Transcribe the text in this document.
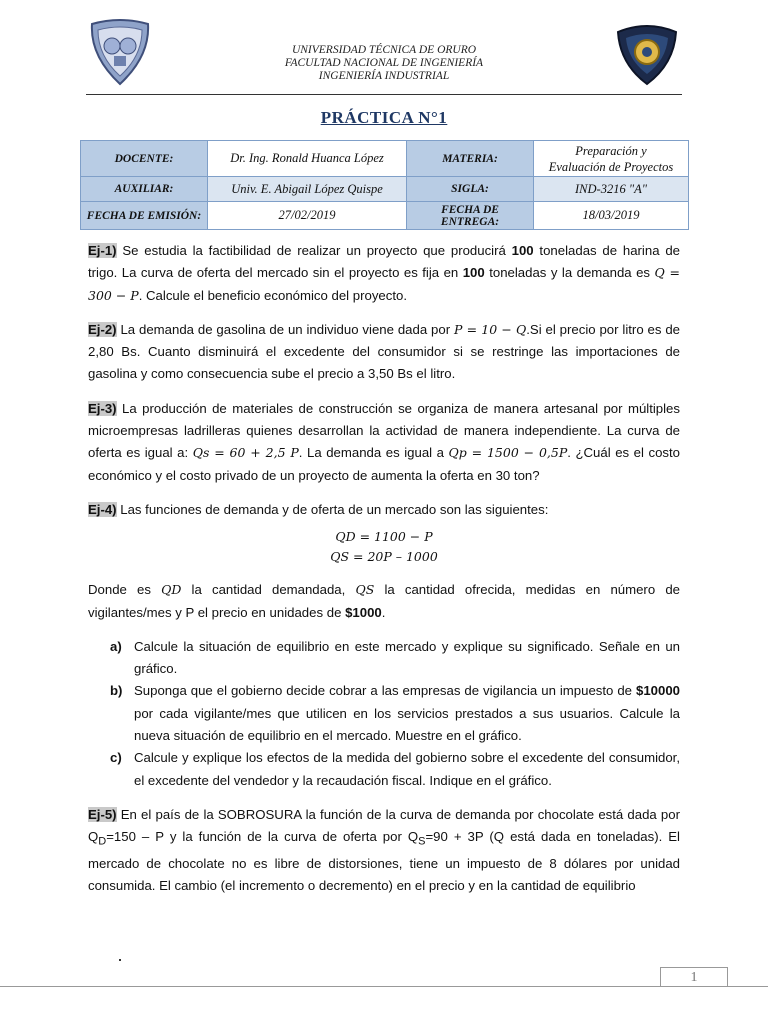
UNIVERSIDAD TÉCNICA DE ORURO
FACULTAD NACIONAL DE INGENIERÍA
INGENIERÍA INDUSTRIAL
PRÁCTICA N°1
DOCENTE:	Dr. Ing. Ronald Huanca López	MATERIA:	Preparación y
Evaluación de Proyectos

AUXILIAR:	Univ. E. Abigail López Quispe	SIGLA:	IND-3216 "A"
FECHA DE EMISIÓN:	27/02/2019	FECHA DE ENTREGA:	18/03/2019

Ej-1) Se estudia la factibilidad de realizar un proyecto que producirá 100 toneladas de harina de trigo. La curva de oferta del mercado sin el proyecto es fija en 100 toneladas y la demanda es Q = 300 − P. Calcule el beneficio económico del proyecto.

Ej-2) La demanda de gasolina de un individuo viene dada por P = 10 − Q.Si el precio por litro es de 2,80 Bs. Cuanto disminuirá el excedente del consumidor si se restringe las importaciones de gasolina y como consecuencia sube el precio a 3,50 Bs el litro.

Ej-3) La producción de materiales de construcción se organiza de manera artesanal por múltiples microempresas ladrilleras quienes desarrollan la actividad de manera independiente. La curva de oferta es igual a: Qs = 60 + 2,5 P. La demanda es igual a Qp = 1500 − 0,5P. ¿Cuál es el costo económico y el costo privado de un proyecto de aumenta la oferta en 30 ton?

Ej-4) Las funciones de demanda y de oferta de un mercado son las siguientes:

QD = 1100 − P
QS = 20P – 1000

Donde es QD la cantidad demandada, QS la cantidad ofrecida, medidas en número de vigilantes/mes y P el precio en unidades de $1000.

a) Calcule la situación de equilibrio en este mercado y explique su significado. Señale en un gráfico.
b) Suponga que el gobierno decide cobrar a las empresas de vigilancia un impuesto de $10000 por cada vigilante/mes que utilicen en los servicios prestados a sus usuarios. Calcule la nueva situación de equilibrio en el mercado. Muestre en el gráfico.
c) Calcule y explique los efectos de la medida del gobierno sobre el excedente del consumidor, el excedente del vendedor y la recaudación fiscal. Indique en el gráfico.

Ej-5) En el país de la SOBROSURA la función de la curva de demanda por chocolate está dada por $Q_D=150 - P$ y la función de la curva de oferta por $Q_S=90 + 3P$ (Q está dada en toneladas). El mercado de chocolate no es libre de distorsiones, tiene un impuesto de 8 dólares por unidad consumida. El cambio (el incremento o decremento) en el precio y en la cantidad de equilibrio

1
